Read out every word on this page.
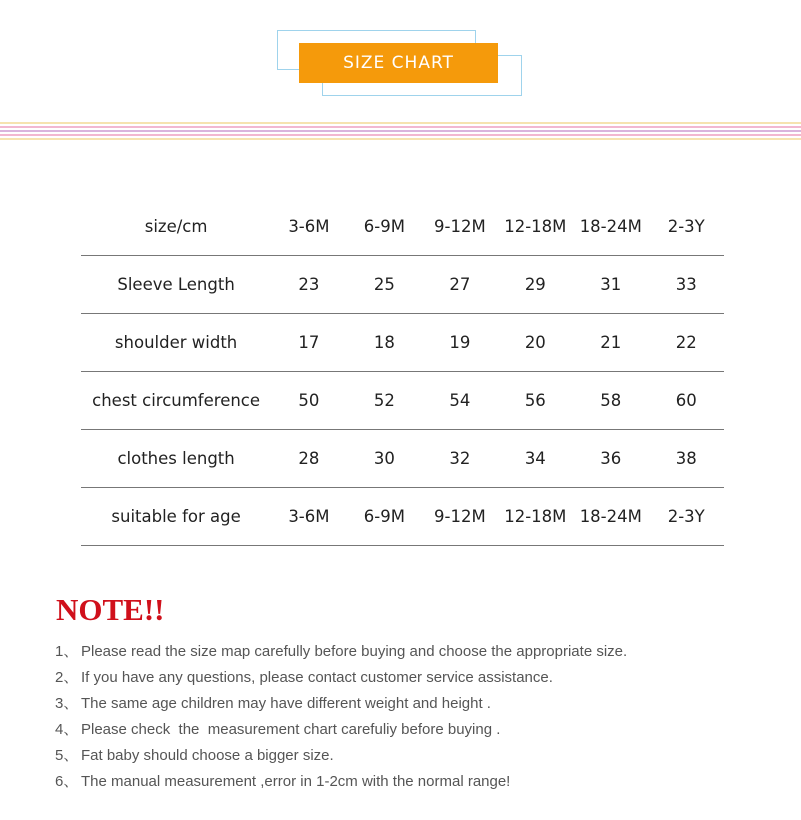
SIZE CHART
size/cm	3-6M	6-9M	9-12M	12-18M	18-24M	2-3Y
Sleeve Length	23	25	27	29	31	33
shoulder width	17	18	19	20	21	22
chest circumference	50	52	54	56	58	60
clothes length	28	30	32	34	36	38
suitable for age	3-6M	6-9M	9-12M	12-18M	18-24M	2-3Y
NOTE!!
1、 Please read the size map carefully before buying and choose the appropriate size.
2、 If you have any questions, please contact customer service assistance.
3、 The same age children may have different weight and height .
4、 Please check  the  measurement chart carefuliy before buying .
5、 Fat baby should choose a bigger size.
6、 The manual measurement ,error in 1-2cm with the normal range!
